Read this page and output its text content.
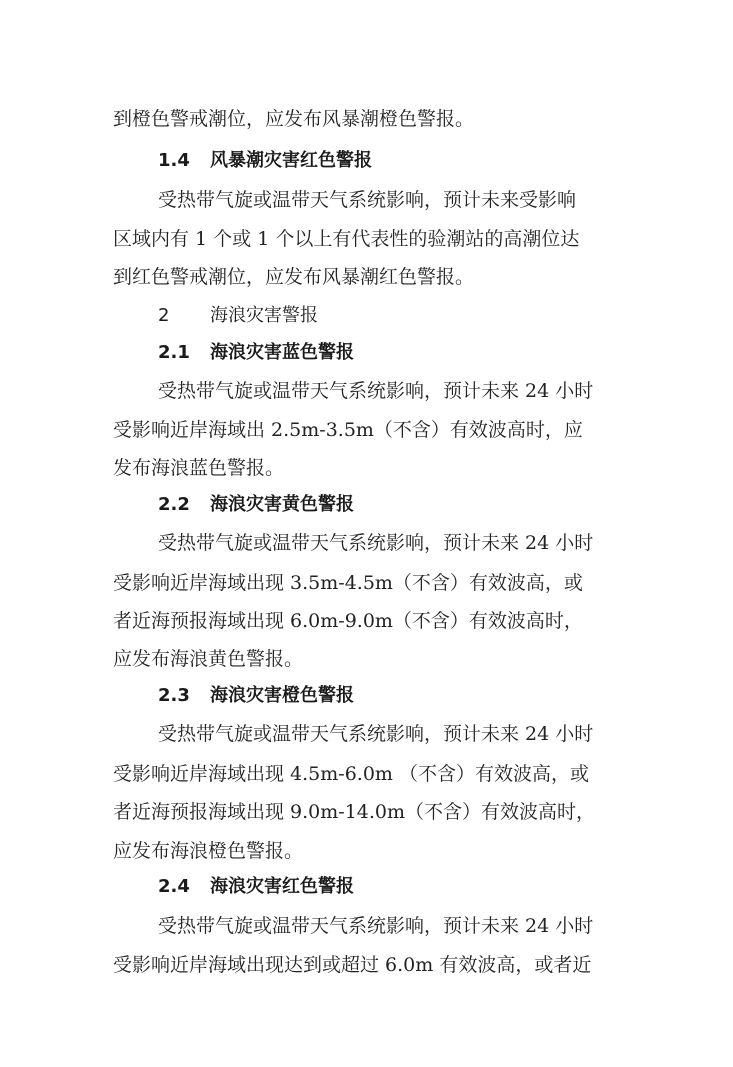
到橙色警戒潮位，应发布风暴潮橙色警报。
1.4 风暴潮灾害红色警报
受热带气旋或温带天气系统影响，预计未来受影响
区域内有 1 个或 1 个以上有代表性的验潮站的高潮位达
到红色警戒潮位，应发布风暴潮红色警报。
2 海浪灾害警报
2.1 海浪灾害蓝色警报
受热带气旋或温带天气系统影响，预计未来 24 小时
受影响近岸海域出 2.5m-3.5m（不含）有效波高时，应
发布海浪蓝色警报。
2.2 海浪灾害黄色警报
受热带气旋或温带天气系统影响，预计未来 24 小时
受影响近岸海域出现 3.5m-4.5m（不含）有效波高，或
者近海预报海域出现 6.0m-9.0m（不含）有效波高时，
应发布海浪黄色警报。
2.3 海浪灾害橙色警报
受热带气旋或温带天气系统影响，预计未来 24 小时
受影响近岸海域出现 4.5m-6.0m （不含）有效波高，或
者近海预报海域出现 9.0m-14.0m（不含）有效波高时，
应发布海浪橙色警报。
2.4 海浪灾害红色警报
受热带气旋或温带天气系统影响，预计未来 24 小时
受影响近岸海域出现达到或超过 6.0m 有效波高，或者近
